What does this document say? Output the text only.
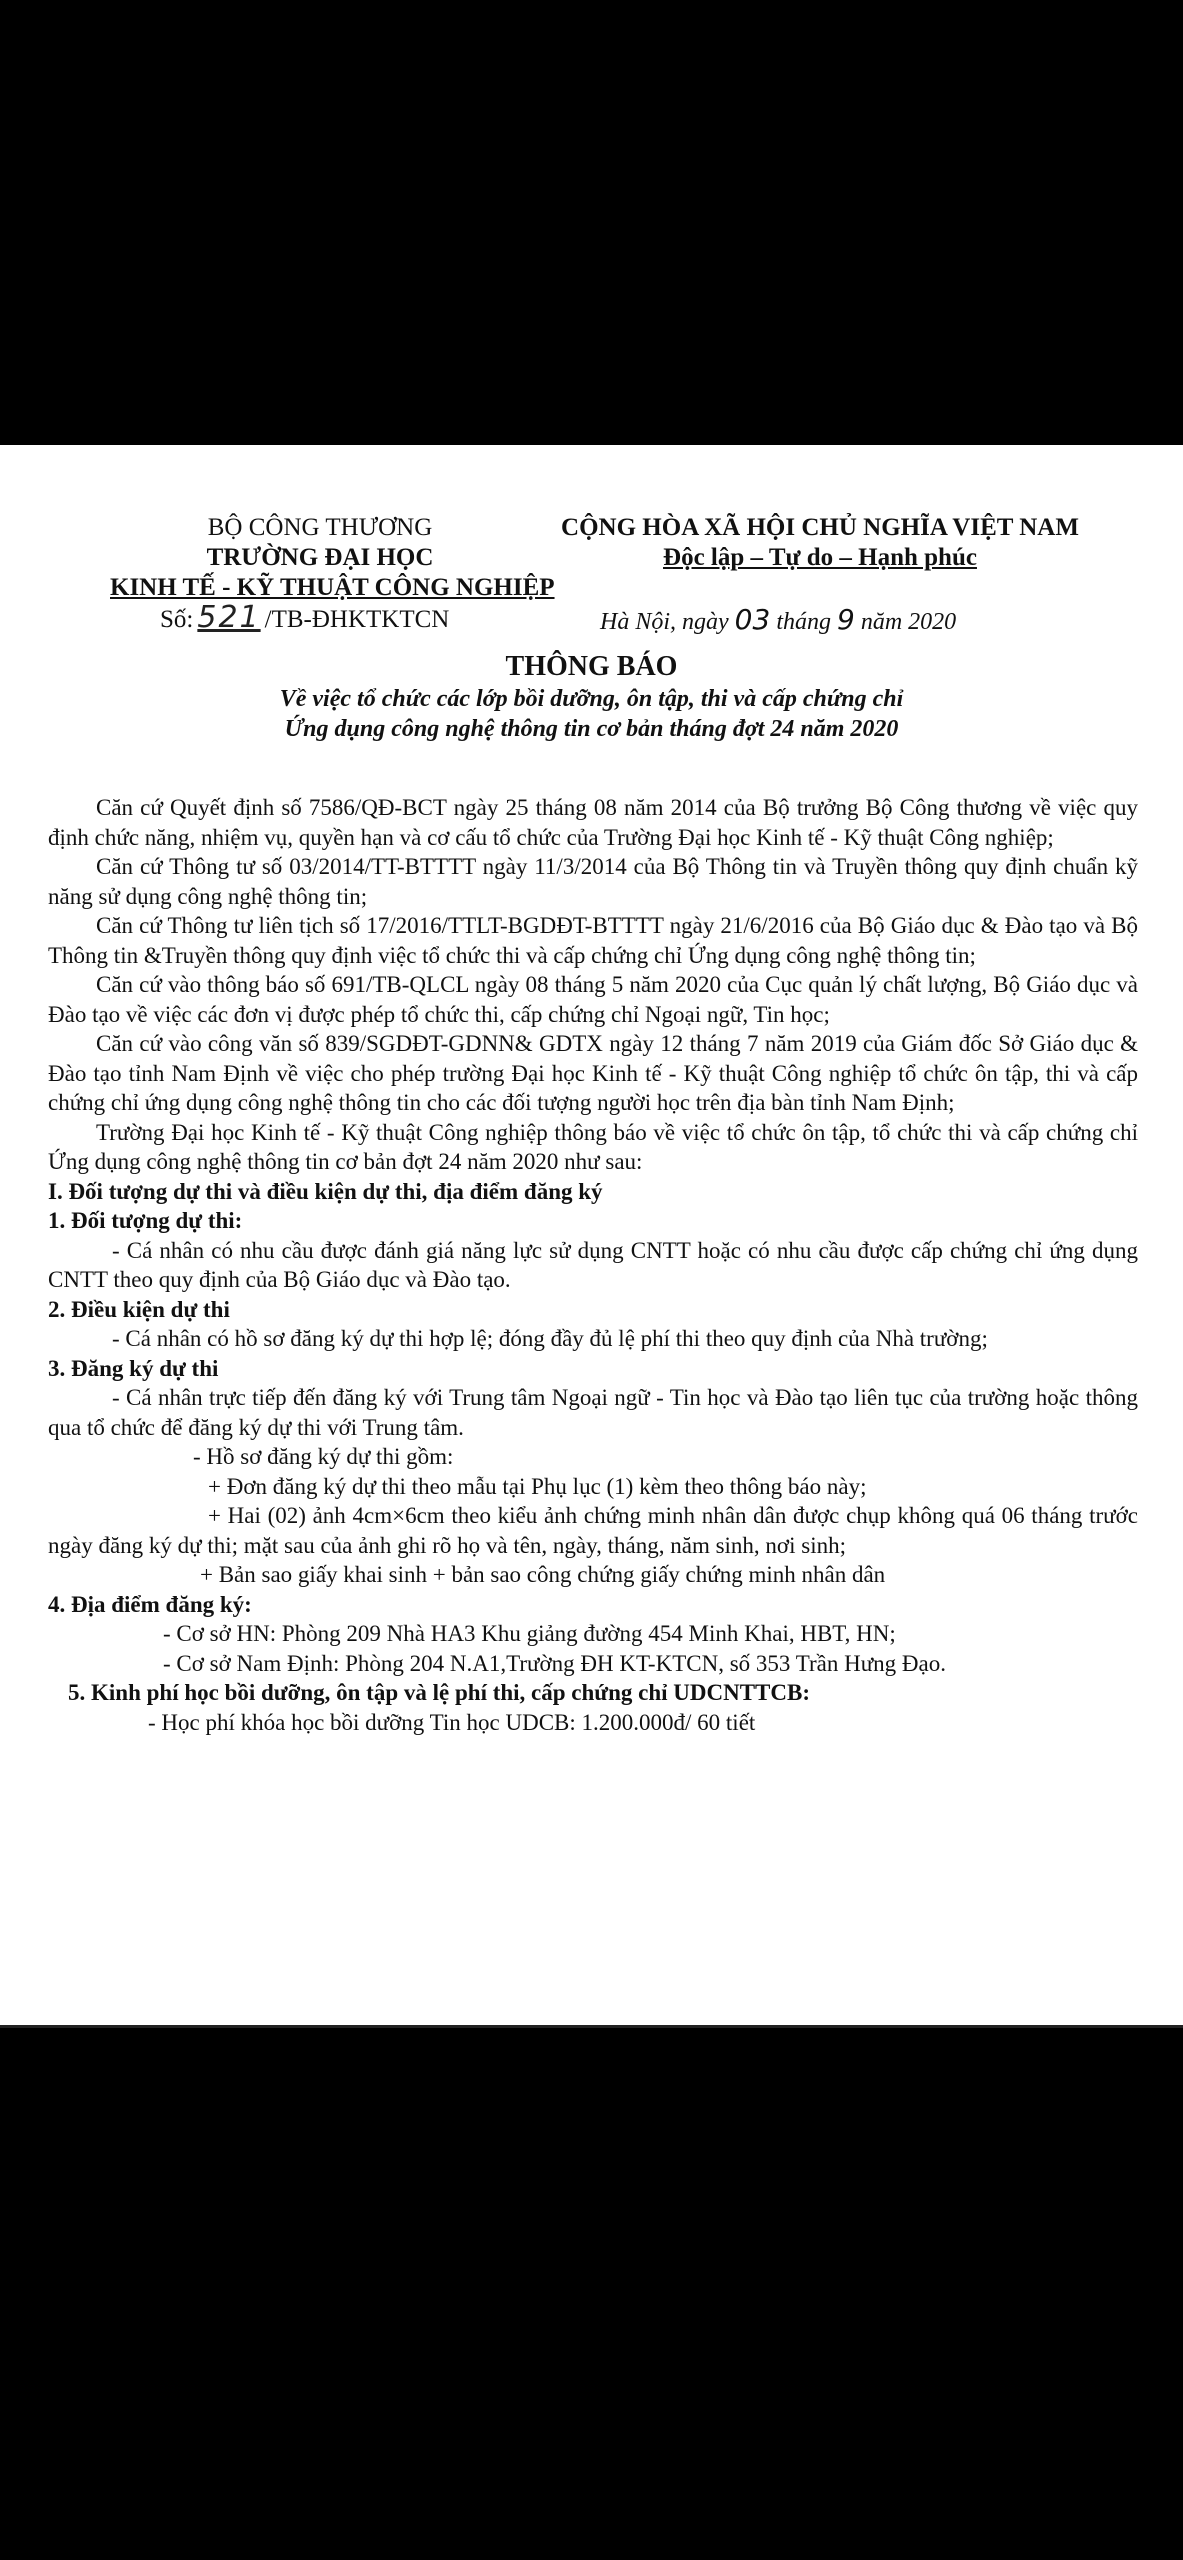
BỘ CÔNG THƯƠNG
TRƯỜNG ĐẠI HỌC
KINH TẾ - KỸ THUẬT CÔNG NGHIỆP
CỘNG HÒA XÃ HỘI CHỦ NGHĨA VIỆT NAM
Độc lập – Tự do – Hạnh phúc
Số: 521 /TB-ĐHKTKTCN	Hà Nội, ngày 03 tháng 9 năm 2020
THÔNG BÁO
Về việc tổ chức các lớp bồi dưỡng, ôn tập, thi và cấp chứng chỉ
Ứng dụng công nghệ thông tin cơ bản tháng đợt 24 năm 2020

Căn cứ Quyết định số 7586/QĐ-BCT ngày 25 tháng 08 năm 2014 của Bộ trưởng Bộ Công thương về việc quy định chức năng, nhiệm vụ, quyền hạn và cơ cấu tổ chức của Trường Đại học Kinh tế - Kỹ thuật Công nghiệp;

Căn cứ Thông tư số 03/2014/TT-BTTTT ngày 11/3/2014 của Bộ Thông tin và Truyền thông quy định chuẩn kỹ năng sử dụng công nghệ thông tin;

Căn cứ Thông tư liên tịch số 17/2016/TTLT-BGDĐT-BTTTT ngày 21/6/2016 của Bộ Giáo dục & Đào tạo và Bộ Thông tin &Truyền thông quy định việc tổ chức thi và cấp chứng chỉ Ứng dụng công nghệ thông tin;

Căn cứ vào thông báo số 691/TB-QLCL ngày 08 tháng 5 năm 2020 của Cục quản lý chất lượng, Bộ Giáo dục và Đào tạo về việc các đơn vị được phép tổ chức thi, cấp chứng chỉ Ngoại ngữ, Tin học;

Căn cứ vào công văn số 839/SGDĐT-GDNN& GDTX ngày 12 tháng 7 năm 2019 của Giám đốc Sở Giáo dục & Đào tạo tỉnh Nam Định về việc cho phép trường Đại học Kinh tế - Kỹ thuật Công nghiệp tổ chức ôn tập, thi và cấp chứng chỉ ứng dụng công nghệ thông tin cho các đối tượng người học trên địa bàn tỉnh Nam Định;

Trường Đại học Kinh tế - Kỹ thuật Công nghiệp thông báo về việc tổ chức ôn tập, tổ chức thi và cấp chứng chỉ Ứng dụng công nghệ thông tin cơ bản đợt 24 năm 2020 như sau:

I. Đối tượng dự thi và điều kiện dự thi, địa điểm đăng ký

1. Đối tượng dự thi:

- Cá nhân có nhu cầu được đánh giá năng lực sử dụng CNTT hoặc có nhu cầu được cấp chứng chỉ ứng dụng CNTT theo quy định của Bộ Giáo dục và Đào tạo.

2. Điều kiện dự thi

- Cá nhân có hồ sơ đăng ký dự thi hợp lệ; đóng đầy đủ lệ phí thi theo quy định của Nhà trường;

3. Đăng ký dự thi

- Cá nhân trực tiếp đến đăng ký với Trung tâm Ngoại ngữ - Tin học và Đào tạo liên tục của trường hoặc thông qua tổ chức để đăng ký dự thi với Trung tâm.

- Hồ sơ đăng ký dự thi gồm:

+ Đơn đăng ký dự thi theo mẫu tại Phụ lục (1) kèm theo thông báo này;

+ Hai (02) ảnh 4cm×6cm theo kiểu ảnh chứng minh nhân dân được chụp không quá 06 tháng trước ngày đăng ký dự thi; mặt sau của ảnh ghi rõ họ và tên, ngày, tháng, năm sinh, nơi sinh;

+ Bản sao giấy khai sinh + bản sao công chứng giấy chứng minh nhân dân

4. Địa điểm đăng ký:

- Cơ sở HN: Phòng 209 Nhà HA3 Khu giảng đường 454 Minh Khai, HBT, HN;

- Cơ sở Nam Định: Phòng 204 N.A1,Trường ĐH KT-KTCN, số 353 Trần Hưng Đạo.

5. Kinh phí học bồi dưỡng, ôn tập và lệ phí thi, cấp chứng chỉ UDCNTTCB:

- Học phí khóa học bồi dưỡng Tin học UDCB: 1.200.000đ/ 60 tiết
